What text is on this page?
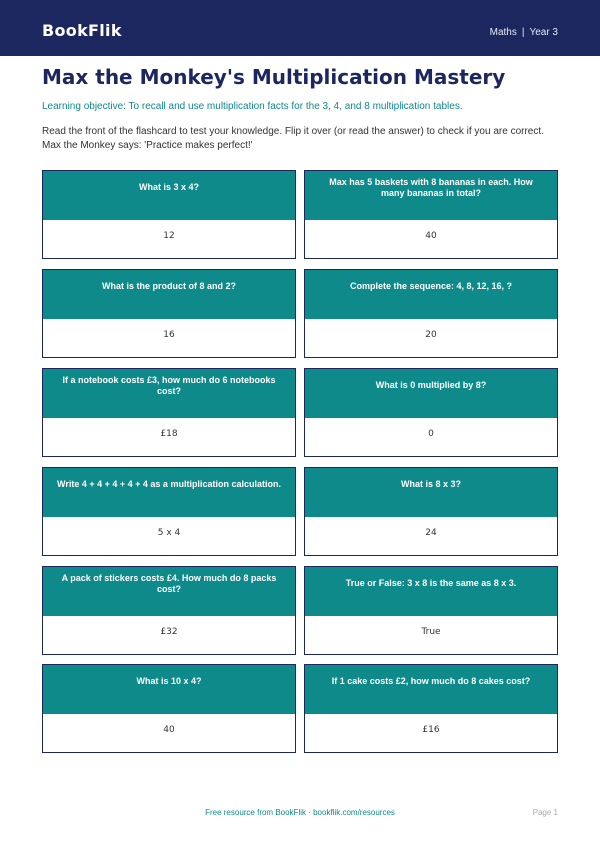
BookFlik	Maths | Year 3
Max the Monkey's Multiplication Mastery
Learning objective: To recall and use multiplication facts for the 3, 4, and 8 multiplication tables.

Read the front of the flashcard to test your knowledge. Flip it over (or read the answer) to check if you are correct.
Max the Monkey says: 'Practice makes perfect!'

What is 3 x 4?
12
Max has 5 baskets with 8 bananas in each. How many bananas in total?
40
What is the product of 8 and 2?
16
Complete the sequence: 4, 8, 12, 16, ?
20
If a notebook costs £3, how much do 6 notebooks cost?
£18
What is 0 multiplied by 8?
0
Write 4 + 4 + 4 + 4 + 4 as a multiplication calculation.
5 x 4
What is 8 x 3?
24
A pack of stickers costs £4. How much do 8 packs cost?
£32
True or False: 3 x 8 is the same as 8 x 3.
True
What is 10 x 4?
40
If 1 cake costs £2, how much do 8 cakes cost?
£16
Free resource from BookFlik · bookflik.com/resources	Page 1
